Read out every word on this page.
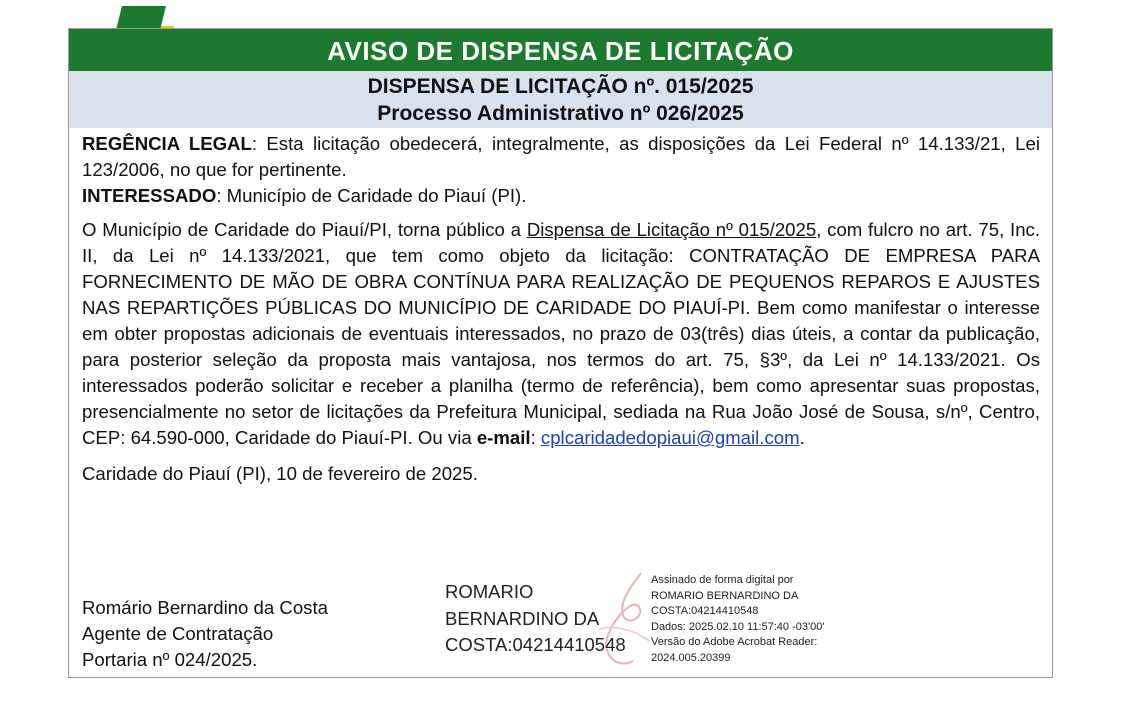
AVISO DE DISPENSA DE LICITAÇÃO
DISPENSA DE LICITAÇÃO nº. 015/2025
Processo Administrativo nº 026/2025

REGÊNCIA LEGAL: Esta licitação obedecerá, integralmente, as disposições da Lei Federal nº 14.133/21, Lei 123/2006, no que for pertinente.

INTERESSADO: Município de Caridade do Piauí (PI).

O Município de Caridade do Piauí/PI, torna público a Dispensa de Licitação nº 015/2025, com fulcro no art. 75, Inc. II, da Lei nº 14.133/2021, que tem como objeto da licitação: CONTRATAÇÃO DE EMPRESA PARA FORNECIMENTO DE MÃO DE OBRA CONTÍNUA PARA REALIZAÇÃO DE PEQUENOS REPAROS E AJUSTES NAS REPARTIÇÕES PÚBLICAS DO MUNICÍPIO DE CARIDADE DO PIAUÍ-PI. Bem como manifestar o interesse em obter propostas adicionais de eventuais interessados, no prazo de 03(três) dias úteis, a contar da publicação, para posterior seleção da proposta mais vantajosa, nos termos do art. 75, §3º, da Lei nº 14.133/2021. Os interessados poderão solicitar e receber a planilha (termo de referência), bem como apresentar suas propostas, presencialmente no setor de licitações da Prefeitura Municipal, sediada na Rua João José de Sousa, s/nº, Centro, CEP: 64.590-000, Caridade do Piauí-PI. Ou via e-mail: cplcaridadedopiaui@gmail.com.

Caridade do Piauí (PI), 10 de fevereiro de 2025.

Romário Bernardino da Costa
Agente de Contratação
Portaria nº 024/2025.
ROMARIO
BERNARDINO DA
COSTA:04214410548
Assinado de forma digital por
ROMARIO BERNARDINO DA
COSTA:04214410548
Dados: 2025.02.10 11:57:40 -03'00'
Versão do Adobe Acrobat Reader:
2024.005.20399
